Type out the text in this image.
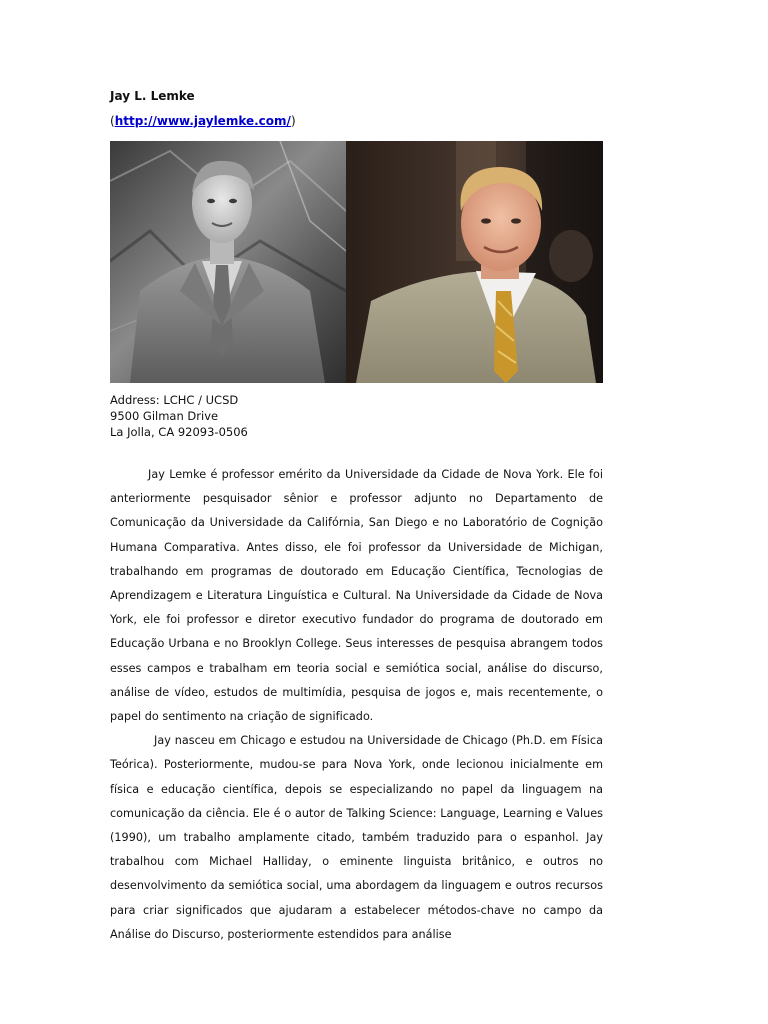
Jay L. Lemke
(http://www.jaylemke.com/)
Address: LCHC / UCSD
9500 Gilman Drive
La Jolla, CA 92093-0506

Jay Lemke é professor emérito da Universidade da Cidade de Nova York. Ele foi anteriormente pesquisador sênior e professor adjunto no Departamento de Comunicação da Universidade da Califórnia, San Diego e no Laboratório de Cognição Humana Comparativa. Antes disso, ele foi professor da Universidade de Michigan, trabalhando em programas de doutorado em Educação Científica, Tecnologias de Aprendizagem e Literatura Linguística e Cultural. Na Universidade da Cidade de Nova York, ele foi professor e diretor executivo fundador do programa de doutorado em Educação Urbana e no Brooklyn College. Seus interesses de pesquisa abrangem todos esses campos e trabalham em teoria social e semiótica social, análise do discurso, análise de vídeo, estudos de multimídia, pesquisa de jogos e, mais recentemente, o papel do sentimento na criação de significado.

Jay nasceu em Chicago e estudou na Universidade de Chicago (Ph.D. em Física Teórica). Posteriormente, mudou-se para Nova York, onde lecionou inicialmente em física e educação científica, depois se especializando no papel da linguagem na comunicação da ciência. Ele é o autor de Talking Science: Language, Learning e Values (1990), um trabalho amplamente citado, também traduzido para o espanhol. Jay trabalhou com Michael Halliday, o eminente linguista britânico, e outros no desenvolvimento da semiótica social, uma abordagem da linguagem e outros recursos para criar significados que ajudaram a estabelecer métodos-chave no campo da Análise do Discurso, posteriormente estendidos para análise
